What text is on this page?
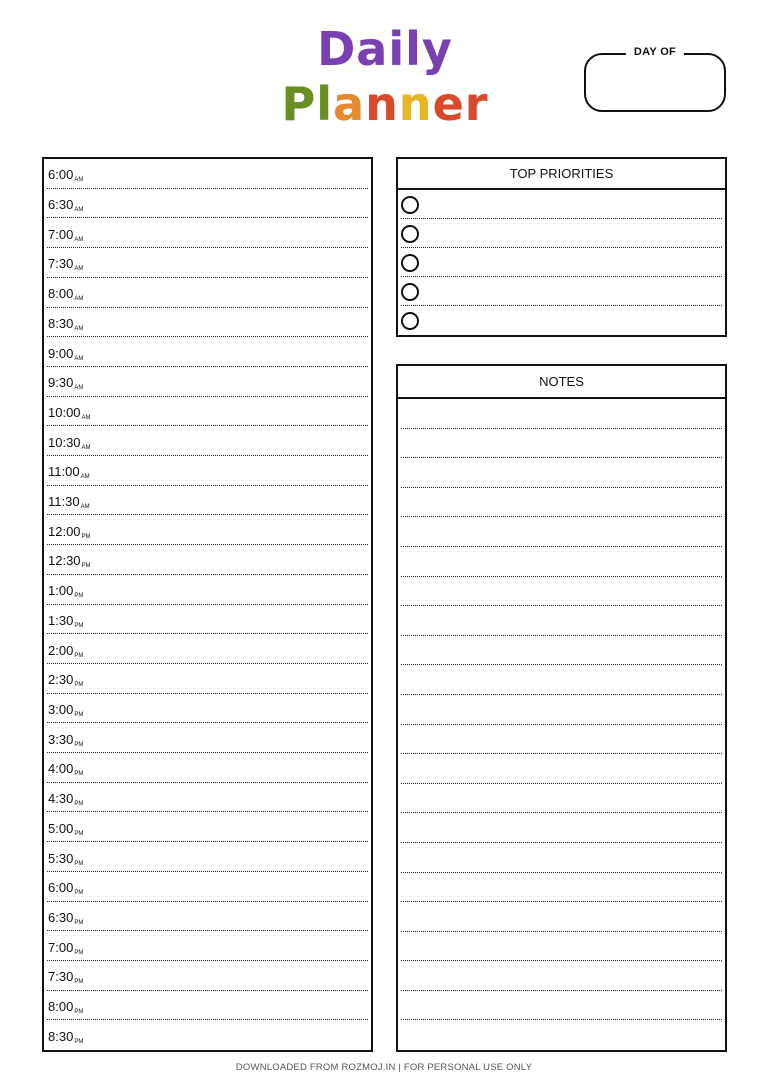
Daily
Planner
DAY OF
6:00AM
6:30AM
7:00AM
7:30AM
8:00AM
8:30AM
9:00AM
9:30AM
10:00AM
10:30AM
11:00AM
11:30AM
12:00PM
12:30PM
1:00PM
1:30PM
2:00PM
2:30PM
3:00PM
3:30PM
4:00PM
4:30PM
5:00PM
5:30PM
6:00PM
6:30PM
7:00PM
7:30PM
8:00PM
8:30PM
TOP PRIORITIES
NOTES
DOWNLOADED FROM ROZMOJ.IN | FOR PERSONAL USE ONLY
